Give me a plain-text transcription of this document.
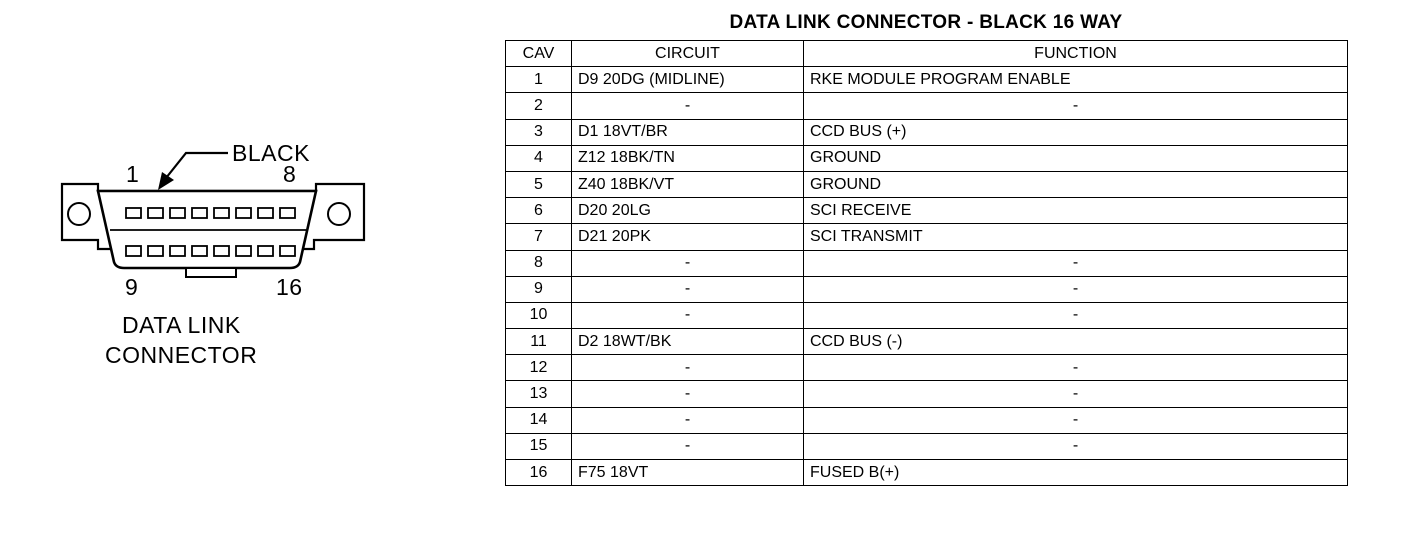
BLACK
1	8
9	16
DATA LINK
CONNECTOR
DATA LINK CONNECTOR - BLACK 16 WAY
CAV	CIRCUIT	FUNCTION
1	D9 20DG (MIDLINE)	RKE MODULE PROGRAM ENABLE
2	-	-
3	D1 18VT/BR	CCD BUS (+)
4	Z12 18BK/TN	GROUND
5	Z40 18BK/VT	GROUND
6	D20 20LG	SCI RECEIVE
7	D21 20PK	SCI TRANSMIT
8	-	-
9	-	-
10	-	-
11	D2 18WT/BK	CCD BUS (-)
12	-	-
13	-	-
14	-	-
15	-	-
16	F75 18VT	FUSED B(+)
